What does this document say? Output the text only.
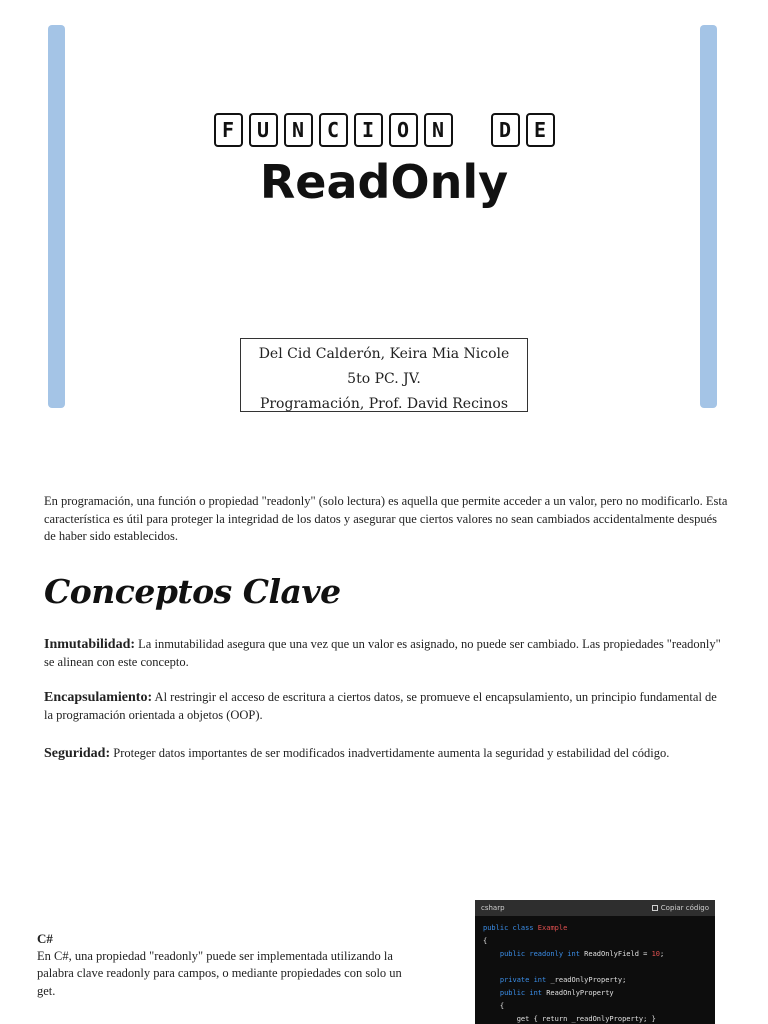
F	U	N	C	I	O	N	D	E
ReadOnly
Del Cid Calderón, Keira Mia Nicole
5to PC. JV.
Programación, Prof. David Recinos

En programación, una función o propiedad "readonly" (solo lectura) es aquella que permite acceder a un valor, pero no modificarlo. Esta característica es útil para proteger la integridad de los datos y asegurar que ciertos valores no sean cambiados accidentalmente después de haber sido establecidos.

Conceptos Clave

Inmutabilidad: La inmutabilidad asegura que una vez que un valor es asignado, no puede ser cambiado. Las propiedades "readonly" se alinean con este concepto.

Encapsulamiento: Al restringir el acceso de escritura a ciertos datos, se promueve el encapsulamiento, un principio fundamental de la programación orientada a objetos (OOP).

Seguridad: Proteger datos importantes de ser modificados inadvertidamente aumenta la seguridad y estabilidad del código.

C#
En C#, una propiedad "readonly" puede ser implementada utilizando la palabra clave readonly para campos, o mediante propiedades con solo un get.
csharp	Copiar código
public class Example
{
public readonly int ReadOnlyField = 10;

private int _readOnlyProperty;
public int ReadOnlyProperty
{
get { return _readOnlyProperty; }
